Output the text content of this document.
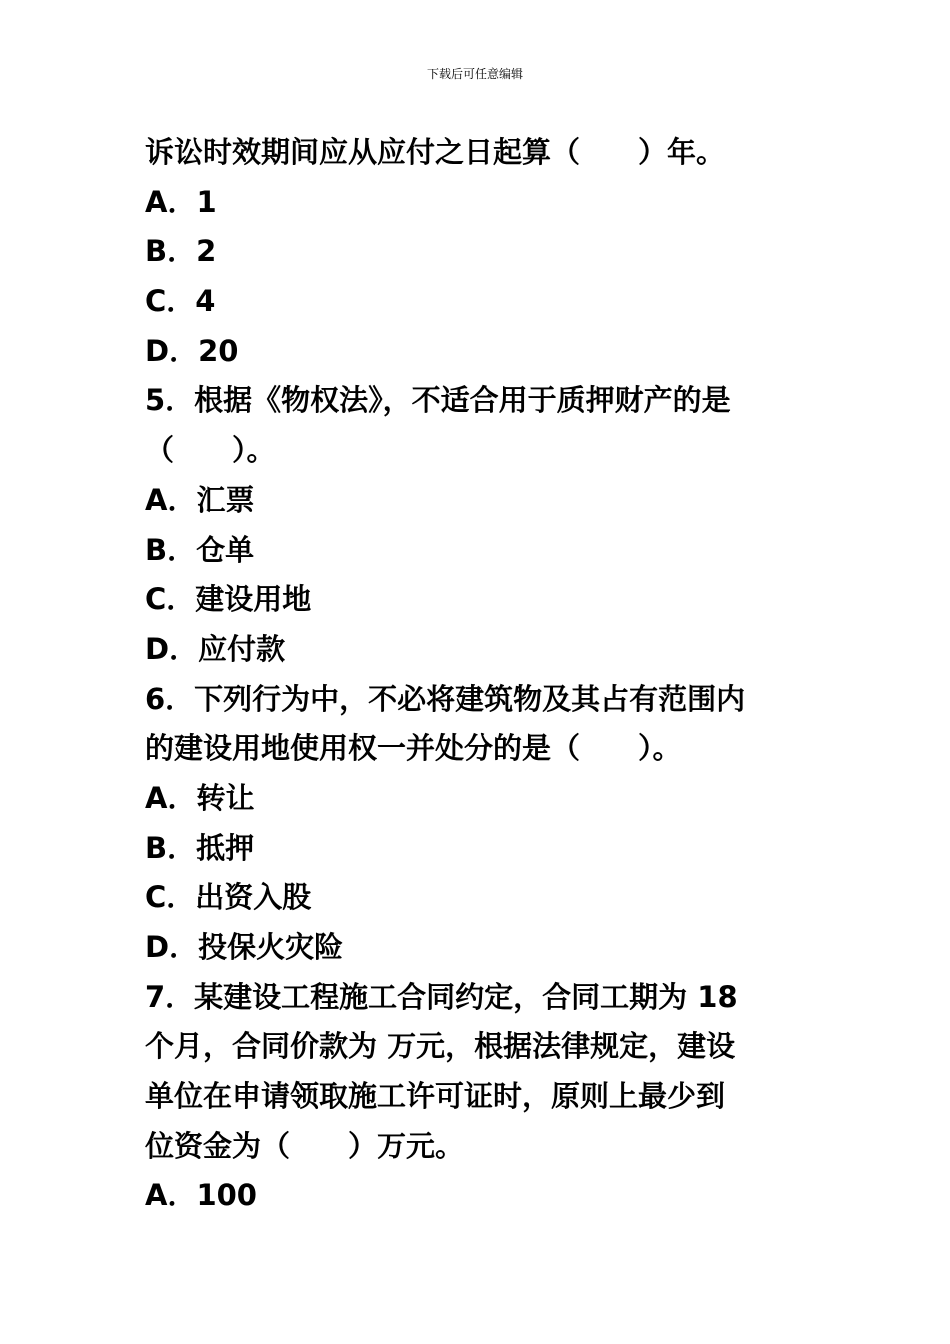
下载后可任意编辑
诉讼时效期间应从应付之日起算（　　）年。
A．1
B．2
C．4
D．20
5．根据《物权法》，不适合用于质押财产的是
（　　）。
A．汇票
B．仓单
C．建设用地
D．应付款
6．下列行为中，不必将建筑物及其占有范围内
的建设用地使用权一并处分的是（　　）。
A．转让
B．抵押
C．出资入股
D．投保火灾险
7．某建设工程施工合同约定，合同工期为 18
个月，合同价款为 万元，根据法律规定，建设
单位在申请领取施工许可证时，原则上最少到
位资金为（　　）万元。
A．100
